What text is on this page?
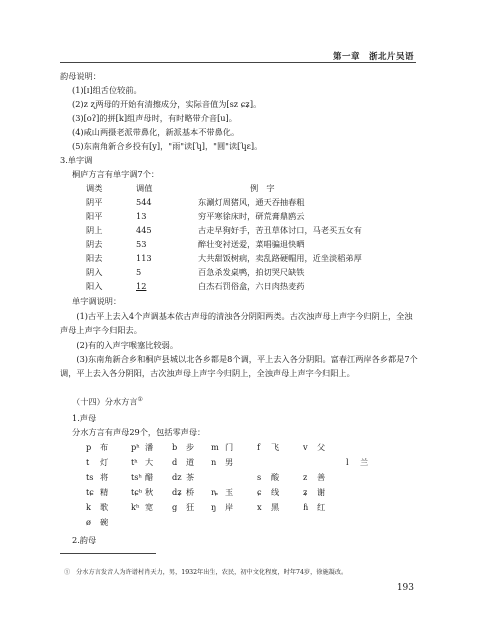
第一章　浙北片吴语
韵母说明：
(1)[ɪ]组舌位较前。
(2)z ʐ两母的开始有清擦成分，实际音值为[sz ɕʑ]。
(3)[oʔ]的拼[k]组声母时，有时略带介音[u]。
(4)咸山两摄老派带鼻化，新派基本不带鼻化。
(5)东南角新合乡投有[y]，"雨"读[ʮ]，"圆"读[ʮɛ]。
3.单字调
桐庐方言有单字调7个：
调类	调值	例　字
阴平	544	东涮灯周猪风，通天吞抽春粗
阳平	13	穷平寒徐床时，研荒膏鼎鸥云
阴上	445	古走早狗好手，苦丑草体讨口，马老买五女有
阴去	53	醉壮变衬送爱，菜唱骗退快晒
阳去	113	大共甜饭树病，卖乱路硬帽用，近坐淡稻弟厚
阴入	5	百急杀发桌鸭，拍切哭尺缺铁
阳入	12	白杰石罚俗盒，六日肉热麦药
单字调说明：
(1)古平上去入4个声调基本依古声母的清浊各分阴阳两类。古次浊声母上声字今归阴上，全浊声母上声字今归阳去。
(2)有的入声字喉塞比较弱。
(3)东南角新合乡和桐庐县城以北各乡都是8个调，平上去入各分阴阳。富春江两岸各乡都是7个调，平上去入各分阴阳，古次浊声母上声字今归阴上，全浊声母上声字今归阳上。
（十四）分水方言①
1.声母
分水方言有声母29个，包括零声母：
p 布	pʰ 潘 b 步 m 门	f 飞	v 父
t 灯	tʰ 大 d 道 n 男	l 兰
ts 将	tsʰ 醋 dz 茶	s 酸	z 善
tɕ 精	tɕʰ 秋 dʑ 桥 ȵ 玉	ɕ 线	ʑ 谢
k 歌	kʰ 宽 g 狂 ŋ 岸	x 黑	ɦ 红
ø 碗
2.韵母
① 分水方言发音人为许谱村肖天力，男，1932年出生，农民，初中文化程度，时年74岁，徐施凝改。
193
